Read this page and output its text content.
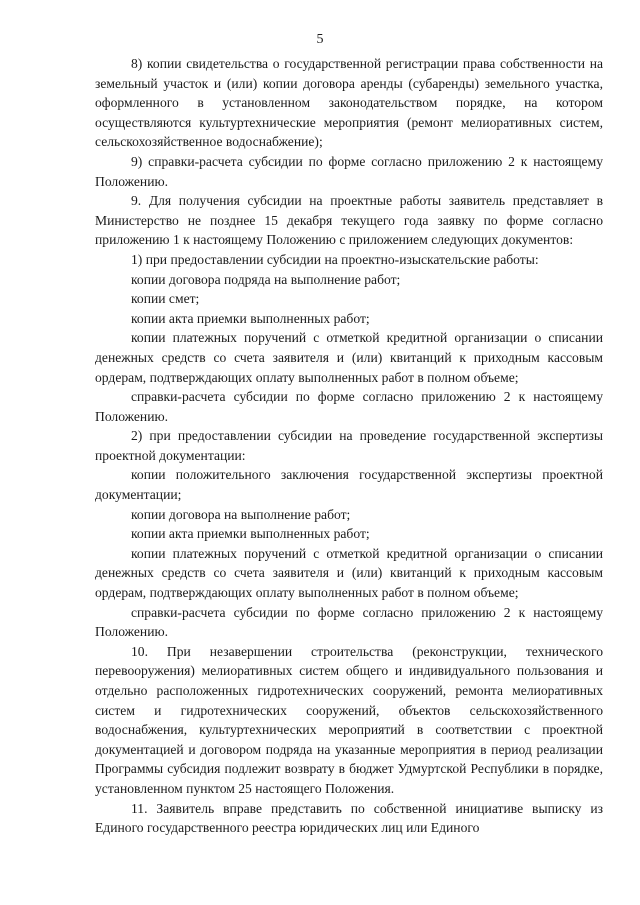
5

8) копии свидетельства о государственной регистрации права собственности на земельный участок и (или) копии договора аренды (субаренды) земельного участка, оформленного в установленном законодательством порядке, на котором осуществляются культуртехнические мероприятия (ремонт мелиоративных систем, сельскохозяйственное водоснабжение);

9) справки-расчета субсидии по форме согласно приложению 2 к настоящему Положению.

9. Для получения субсидии на проектные работы заявитель представляет в Министерство не позднее 15 декабря текущего года заявку по форме согласно приложению 1 к настоящему Положению с приложением следующих документов:

1) при предоставлении субсидии на проектно-изыскательские работы:

копии договора подряда на выполнение работ;

копии смет;

копии акта приемки выполненных работ;

копии платежных поручений с отметкой кредитной организации о списании денежных средств со счета заявителя и (или) квитанций к приходным кассовым ордерам, подтверждающих оплату выполненных работ в полном объеме;

справки-расчета субсидии по форме согласно приложению 2 к настоящему Положению.

2) при предоставлении субсидии на проведение государственной экспертизы проектной документации:

копии положительного заключения государственной экспертизы проектной документации;

копии договора на выполнение работ;

копии акта приемки выполненных работ;

копии платежных поручений с отметкой кредитной организации о списании денежных средств со счета заявителя и (или) квитанций к приходным кассовым ордерам, подтверждающих оплату выполненных работ в полном объеме;

справки-расчета субсидии по форме согласно приложению 2 к настоящему Положению.

10. При незавершении строительства (реконструкции, технического перевооружения) мелиоративных систем общего и индивидуального пользования и отдельно расположенных гидротехнических сооружений, ремонта мелиоративных систем и гидротехнических сооружений, объектов сельскохозяйственного водоснабжения, культуртехнических мероприятий в соответствии с проектной документацией и договором подряда на указанные мероприятия в период реализации Программы субсидия подлежит возврату в бюджет Удмуртской Республики в порядке, установленном пунктом 25 настоящего Положения.

11. Заявитель вправе представить по собственной инициативе выписку из Единого государственного реестра юридических лиц или Единого
